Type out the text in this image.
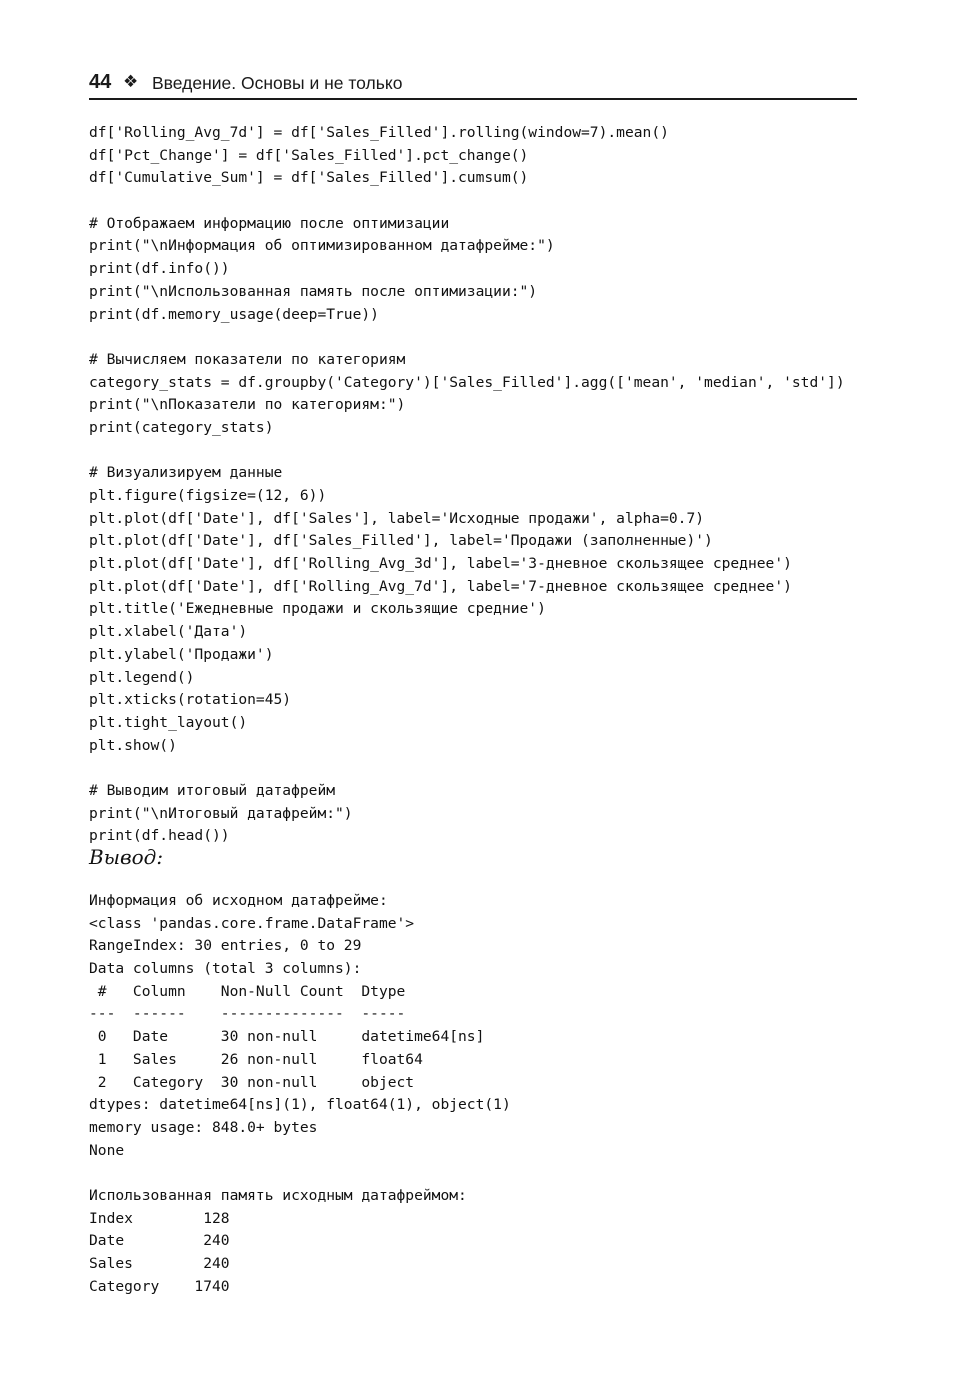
44 ❖ Введение. Основы и не только
df['Rolling_Avg_7d'] = df['Sales_Filled'].rolling(window=7).mean()
df['Pct_Change'] = df['Sales_Filled'].pct_change()
df['Cumulative_Sum'] = df['Sales_Filled'].cumsum()
# Отображаем информацию после оптимизации
print("\nИнформация об оптимизированном датафрейме:")
print(df.info())
print("\nИспользованная память после оптимизации:")
print(df.memory_usage(deep=True))
# Вычисляем показатели по категориям
category_stats = df.groupby('Category')['Sales_Filled'].agg(['mean', 'median', 'std'])
print("\nПоказатели по категориям:")
print(category_stats)
# Визуализируем данные
plt.figure(figsize=(12, 6))
plt.plot(df['Date'], df['Sales'], label='Исходные продажи', alpha=0.7)
plt.plot(df['Date'], df['Sales_Filled'], label='Продажи (заполненные)')
plt.plot(df['Date'], df['Rolling_Avg_3d'], label='3-дневное скользящее среднее')
plt.plot(df['Date'], df['Rolling_Avg_7d'], label='7-дневное скользящее среднее')
plt.title('Ежедневные продажи и скользящие средние')
plt.xlabel('Дата')
plt.ylabel('Продажи')
plt.legend()
plt.xticks(rotation=45)
plt.tight_layout()
plt.show()
# Выводим итоговый датафрейм
print("\nИтоговый датафрейм:")
print(df.head())
Вывод:
Информация об исходном датафрейме:
<class 'pandas.core.frame.DataFrame'>
RangeIndex: 30 entries, 0 to 29
Data columns (total 3 columns):
#   Column    Non-Null Count  Dtype
---  ------    --------------  -----
0   Date      30 non-null     datetime64[ns]
1   Sales     26 non-null     float64
2   Category  30 non-null     object
dtypes: datetime64[ns](1), float64(1), object(1)
memory usage: 848.0+ bytes
None
Использованная память исходным датафреймом:
Index        128
Date         240
Sales        240
Category    1740
